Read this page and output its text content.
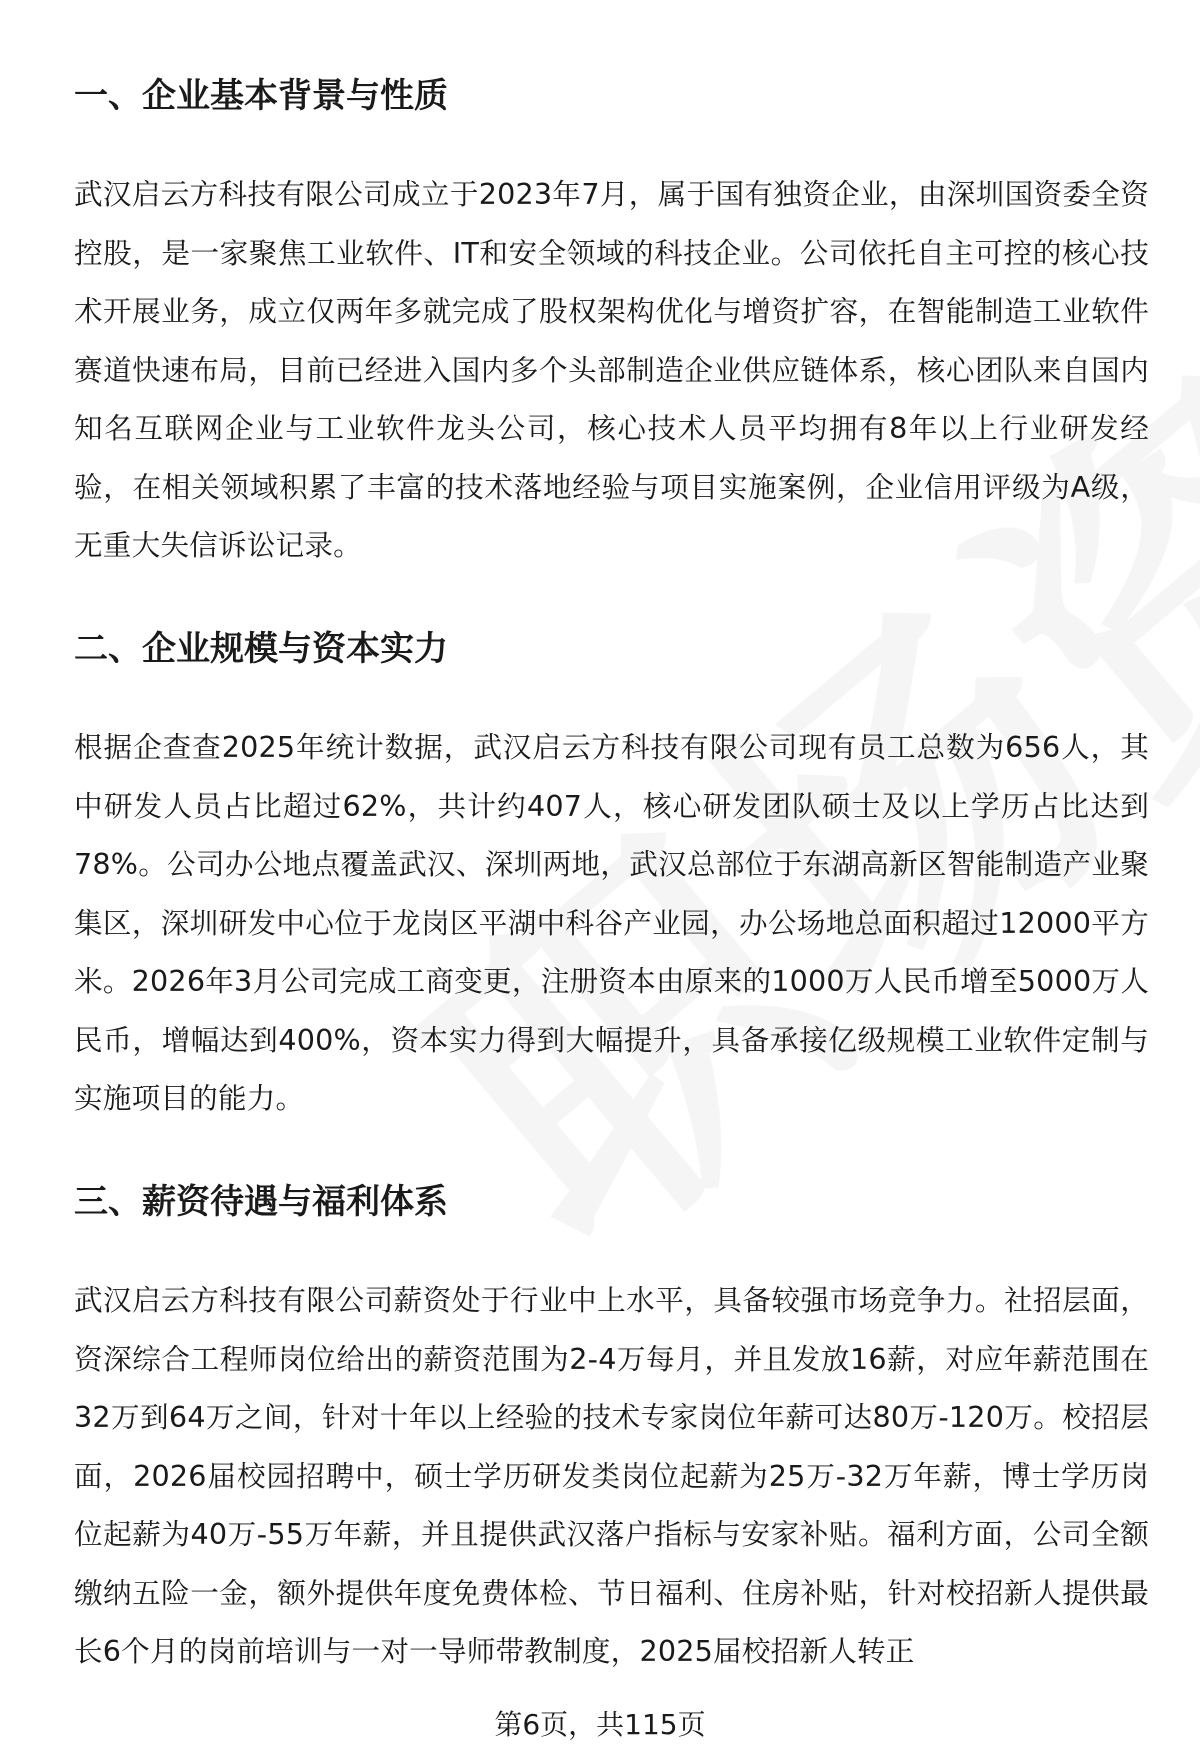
一、企业基本背景与性质

武汉启云方科技有限公司成立于2023年7月，属于国有独资企业，由深圳国资委全资控股，是一家聚焦工业软件、IT和安全领域的科技企业。公司依托自主可控的核心技术开展业务，成立仅两年多就完成了股权架构优化与增资扩容，在智能制造工业软件赛道快速布局，目前已经进入国内多个头部制造企业供应链体系，核心团队来自国内知名互联网企业与工业软件龙头公司，核心技术人员平均拥有8年以上行业研发经验，在相关领域积累了丰富的技术落地经验与项目实施案例，企业信用评级为A级，无重大失信诉讼记录。

二、企业规模与资本实力

根据企查查2025年统计数据，武汉启云方科技有限公司现有员工总数为656人，其中研发人员占比超过62%，共计约407人，核心研发团队硕士及以上学历占比达到78%。公司办公地点覆盖武汉、深圳两地，武汉总部位于东湖高新区智能制造产业聚集区，深圳研发中心位于龙岗区平湖中科谷产业园，办公场地总面积超过12000平方米。2026年3月公司完成工商变更，注册资本由原来的1000万人民币增至5000万人民币，增幅达到400%，资本实力得到大幅提升，具备承接亿级规模工业软件定制与实施项目的能力。

三、薪资待遇与福利体系

武汉启云方科技有限公司薪资处于行业中上水平，具备较强市场竞争力。社招层面，资深综合工程师岗位给出的薪资范围为2-4万每月，并且发放16薪，对应年薪范围在32万到64万之间，针对十年以上经验的技术专家岗位年薪可达80万-120万。校招层面，2026届校园招聘中，硕士学历研发类岗位起薪为25万-32万年薪，博士学历岗位起薪为40万-55万年薪，并且提供武汉落户指标与安家补贴。福利方面，公司全额缴纳五险一金，额外提供年度免费体检、节日福利、住房补贴，针对校招新人提供最长6个月的岗前培训与一对一导师带教制度，2025届校招新人转正

第6页，共115页
